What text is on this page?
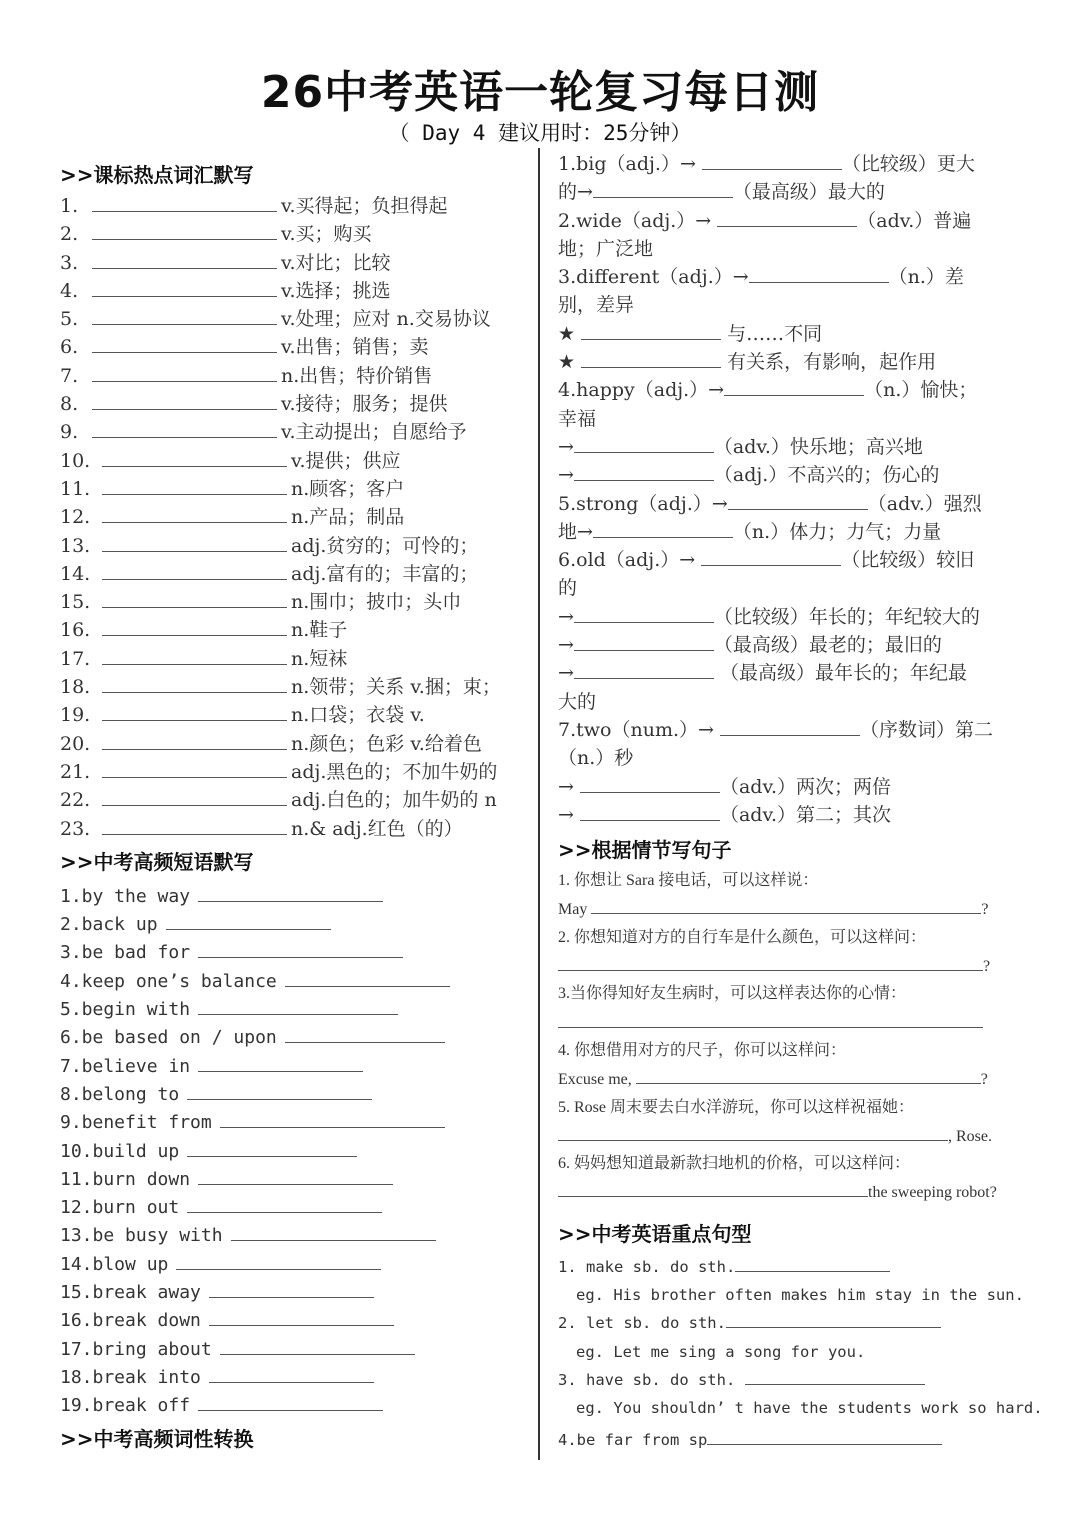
26中考英语一轮复习每日测
（ Day 4 建议用时：25分钟）
>>课标热点词汇默写
1.	v.买得起；负担得起
2.	v.买；购买
3.	v.对比；比较
4.	v.选择；挑选
5.	v.处理；应对 n.交易协议
6.	v.出售；销售；卖
7.	n.出售；特价销售
8.	v.接待；服务；提供
9.	v.主动提出；自愿给予
10.	v.提供；供应
11.	n.顾客；客户
12.	n.产品；制品
13.	adj.贫穷的；可怜的；
14.	adj.富有的；丰富的；
15.	n.围巾；披巾；头巾
16.	n.鞋子
17.	n.短袜
18.	n.领带；关系 v.捆；束；
19.	n.口袋；衣袋 v.
20.	n.颜色；色彩 v.给着色
21.	adj.黑色的；不加牛奶的
22.	adj.白色的；加牛奶的 n
23.	n.& adj.红色（的）
>>中考高频短语默写
1.by the way
2.back up
3.be bad for
4.keep one’s balance
5.begin with
6.be based on / upon
7.believe in
8.belong to
9.benefit from
10.build up
11.burn down
12.burn out
13.be busy with
14.blow up
15.break away
16.break down
17.bring about
18.break into
19.break off
>>中考高频词性转换
1.big（adj.）→	（比较级）更大
的→	（最高级）最大的
2.wide（adj.）→	（adv.）普遍
地；广泛地
3.different（adj.）→	（n.）差
别，差异
★	与……不同
★	有关系，有影响，起作用
4.happy（adj.）→	（n.）愉快；
幸福
→	（adv.）快乐地；高兴地
→	（adj.）不高兴的；伤心的
5.strong（adj.）→	（adv.）强烈
地→	（n.）体力；力气；力量
6.old（adj.）→	（比较级）较旧
的
→	（比较级）年长的；年纪较大的
→	（最高级）最老的；最旧的
→	（最高级）最年长的；年纪最
大的
7.two（num.）→	（序数词）第二
（n.）秒
→	（adv.）两次；两倍
→	（adv.）第二；其次
>>根据情节写句子
1. 你想让 Sara 接电话，可以这样说：
May	?
2. 你想知道对方的自行车是什么颜色，可以这样问：
?
3.当你得知好友生病时，可以这样表达你的心情：
4. 你想借用对方的尺子，你可以这样问：
Excuse me,	?
5. Rose 周末要去白水洋游玩，你可以这样祝福她：
, Rose.
6. 妈妈想知道最新款扫地机的价格，可以这样问：
the sweeping robot?
>>中考英语重点句型
1. make sb. do sth.
eg. His brother often makes him stay in the sun.
2. let sb. do sth.
eg. Let me sing a song for you.
3. have sb. do sth.
eg. You shouldn’ t have the students work so hard.
4.be far from sp
